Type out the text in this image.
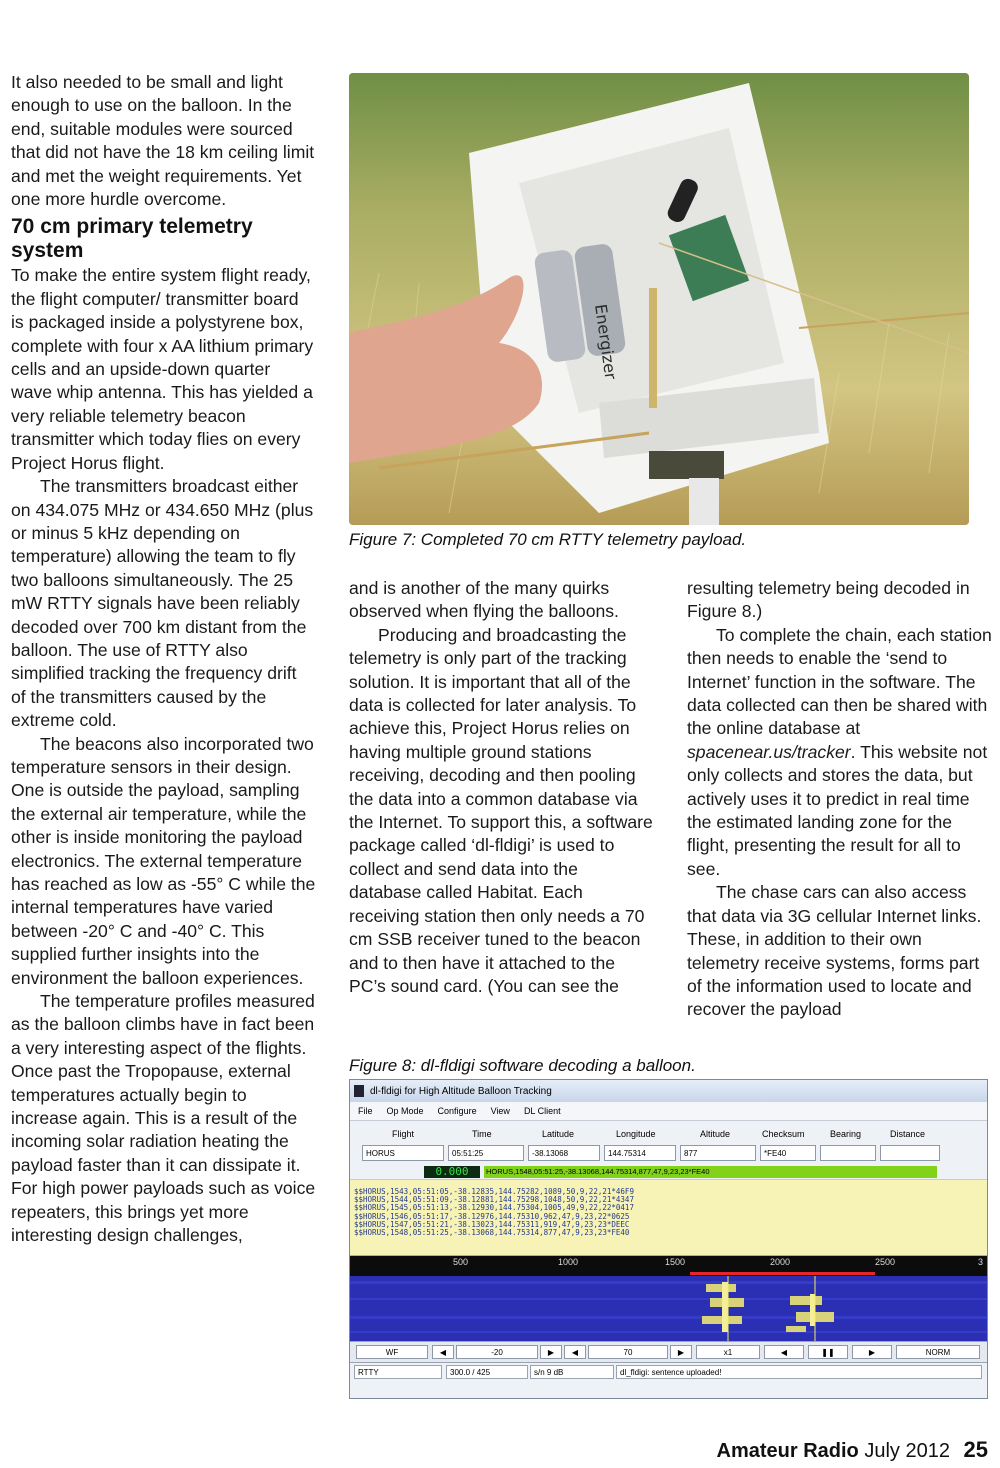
It also needed to be small and light enough to use on the balloon. In the end, suitable modules were sourced that did not have the 18 km ceiling limit and met the weight requirements. Yet one more hurdle overcome.

70 cm primary telemetry system

To make the entire system flight ready, the flight computer/ transmitter board is packaged inside a polystyrene box, complete with four x AA lithium primary cells and an upside-down quarter wave whip antenna. This has yielded a very reliable telemetry beacon transmitter which today flies on every Project Horus flight.

The transmitters broadcast either on 434.075 MHz or 434.650 MHz (plus or minus 5 kHz depending on temperature) allowing the team to fly two balloons simultaneously. The 25 mW RTTY signals have been reliably decoded over 700 km distant from the balloon. The use of RTTY also simplified tracking the frequency drift of the transmitters caused by the extreme cold.

The beacons also incorporated two temperature sensors in their design. One is outside the payload, sampling the external air temperature, while the other is inside monitoring the payload electronics. The external temperature has reached as low as -55° C while the internal temperatures have varied between -20° C and -40° C. This supplied further insights into the environment the balloon experiences.

The temperature profiles measured as the balloon climbs have in fact been a very interesting aspect of the flights. Once past the Tropopause, external temperatures actually begin to increase again. This is a result of the incoming solar radiation heating the payload faster than it can dissipate it. For high power payloads such as voice repeaters, this brings yet more interesting design challenges,

Energizer
Figure 7: Completed 70 cm RTTY telemetry payload.

and is another of the many quirks observed when flying the balloons.

Producing and broadcasting the telemetry is only part of the tracking solution. It is important that all of the data is collected for later analysis. To achieve this, Project Horus relies on having multiple ground stations receiving, decoding and then pooling the data into a common database via the Internet. To support this, a software package called ‘dl-fldigi’ is used to collect and send data into the database called Habitat. Each receiving station then only needs a 70 cm SSB receiver tuned to the beacon and to then have it attached to the PC’s sound card. (You can see the

resulting telemetry being decoded in Figure 8.)

To complete the chain, each station then needs to enable the ‘send to Internet’ function in the software. The data collected can then be shared with the online database at spacenear.us/tracker. This website not only collects and stores the data, but actively uses it to predict in real time the estimated landing zone for the flight, presenting the result for all to see.

The chase cars can also access that data via 3G cellular Internet links. These, in addition to their own telemetry receive systems, forms part of the information used to locate and recover the payload

Figure 8: dl-fldigi software decoding a balloon.
dl-fldigi for High Altitude Balloon Tracking
File Op Mode Configure View DL Client
Flight	Time	Latitude	Longitude	Altitude	Checksum	Bearing	Distance
HORUS	05:51:25	-38.13068	144.75314	877	*FE40
0.000	HORUS,1548,05:51:25,-38.13068,144.75314,877,47,9,23,23*FE40
$$HORUS,1543,05:51:05,-38.12835,144.75282,1089,50,9,22,21*46F9
$$HORUS,1544,05:51:09,-38.12881,144.75298,1048,50,9,22,21*4347
$$HORUS,1545,05:51:13,-38.12930,144.75304,1005,49,9,22,22*0417
$$HORUS,1546,05:51:17,-38.12976,144.75310,962,47,9,23,22*0625
$$HORUS,1547,05:51:21,-38.13023,144.75311,919,47,9,23,23*DEEC
$$HORUS,1548,05:51:25,-38.13068,144.75314,877,47,9,23,23*FE40
500	1000	1500	2000	2500	3
WF	◀	-20	▶	◀	70	▶	x1	◀	❚❚	▶	NORM
RTTY	300.0 / 425	s/n 9 dB	dl_fldigi: sentence uploaded!
Amateur Radio July 2012 25
